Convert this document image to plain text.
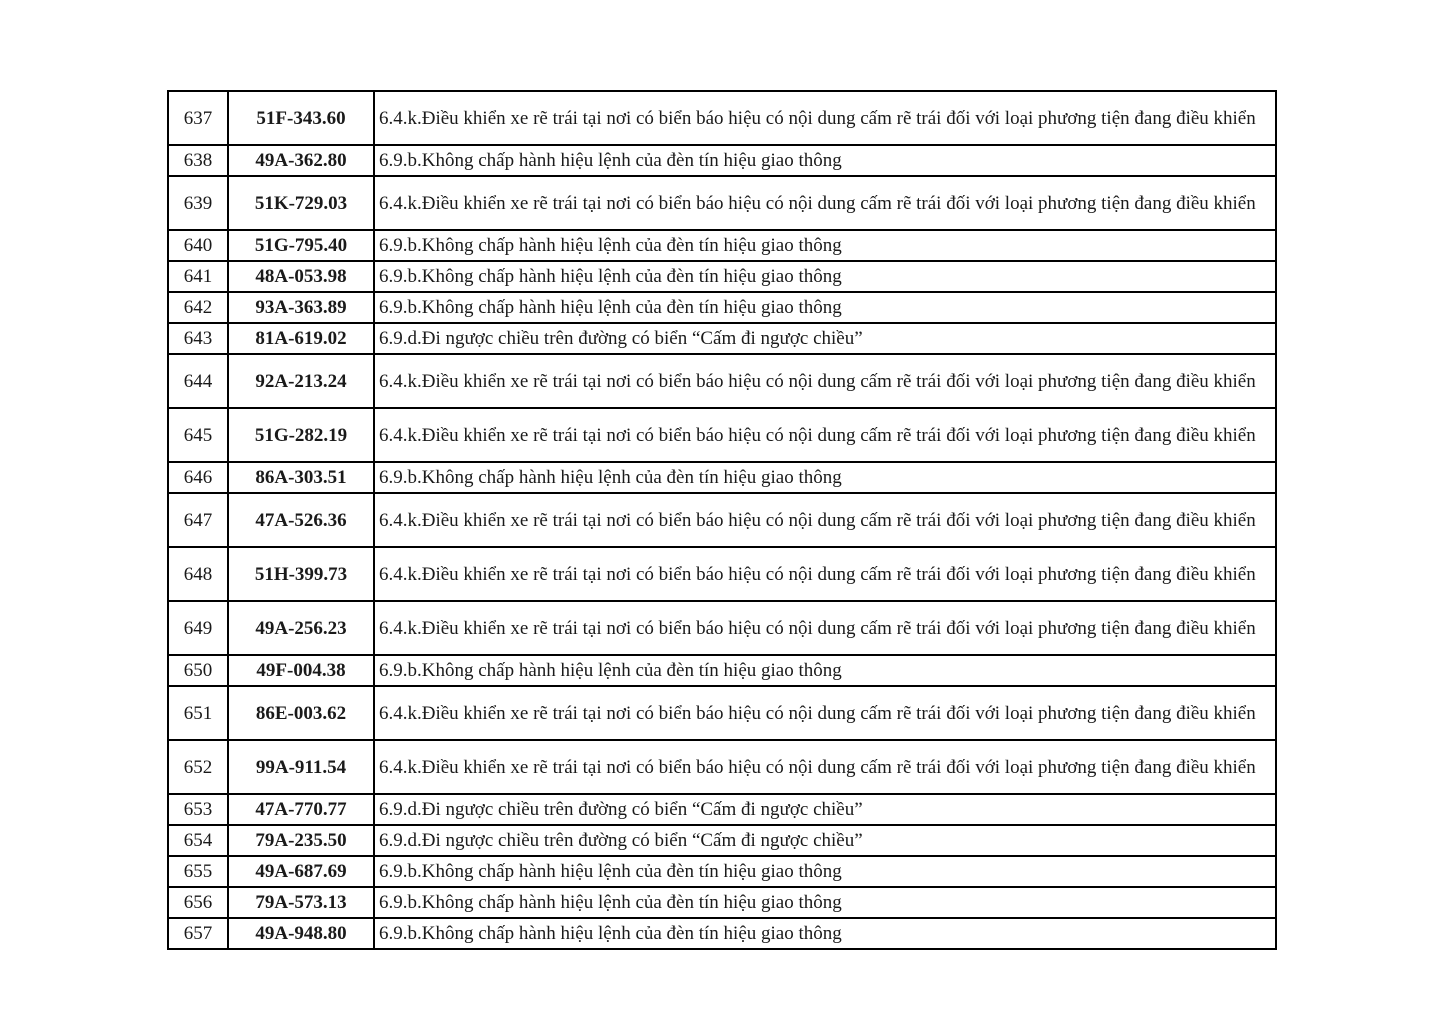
637	51F-343.60	6.4.k.Điều khiển xe rẽ trái tại nơi có biển báo hiệu có nội dung cấm rẽ trái đối với loại phương tiện đang điều khiển
638	49A-362.80	6.9.b.Không chấp hành hiệu lệnh của đèn tín hiệu giao thông
639	51K-729.03	6.4.k.Điều khiển xe rẽ trái tại nơi có biển báo hiệu có nội dung cấm rẽ trái đối với loại phương tiện đang điều khiển
640	51G-795.40	6.9.b.Không chấp hành hiệu lệnh của đèn tín hiệu giao thông
641	48A-053.98	6.9.b.Không chấp hành hiệu lệnh của đèn tín hiệu giao thông
642	93A-363.89	6.9.b.Không chấp hành hiệu lệnh của đèn tín hiệu giao thông
643	81A-619.02	6.9.d.Đi ngược chiều trên đường có biển “Cấm đi ngược chiều”
644	92A-213.24	6.4.k.Điều khiển xe rẽ trái tại nơi có biển báo hiệu có nội dung cấm rẽ trái đối với loại phương tiện đang điều khiển
645	51G-282.19	6.4.k.Điều khiển xe rẽ trái tại nơi có biển báo hiệu có nội dung cấm rẽ trái đối với loại phương tiện đang điều khiển
646	86A-303.51	6.9.b.Không chấp hành hiệu lệnh của đèn tín hiệu giao thông
647	47A-526.36	6.4.k.Điều khiển xe rẽ trái tại nơi có biển báo hiệu có nội dung cấm rẽ trái đối với loại phương tiện đang điều khiển
648	51H-399.73	6.4.k.Điều khiển xe rẽ trái tại nơi có biển báo hiệu có nội dung cấm rẽ trái đối với loại phương tiện đang điều khiển
649	49A-256.23	6.4.k.Điều khiển xe rẽ trái tại nơi có biển báo hiệu có nội dung cấm rẽ trái đối với loại phương tiện đang điều khiển
650	49F-004.38	6.9.b.Không chấp hành hiệu lệnh của đèn tín hiệu giao thông
651	86E-003.62	6.4.k.Điều khiển xe rẽ trái tại nơi có biển báo hiệu có nội dung cấm rẽ trái đối với loại phương tiện đang điều khiển
652	99A-911.54	6.4.k.Điều khiển xe rẽ trái tại nơi có biển báo hiệu có nội dung cấm rẽ trái đối với loại phương tiện đang điều khiển
653	47A-770.77	6.9.d.Đi ngược chiều trên đường có biển “Cấm đi ngược chiều”
654	79A-235.50	6.9.d.Đi ngược chiều trên đường có biển “Cấm đi ngược chiều”
655	49A-687.69	6.9.b.Không chấp hành hiệu lệnh của đèn tín hiệu giao thông
656	79A-573.13	6.9.b.Không chấp hành hiệu lệnh của đèn tín hiệu giao thông
657	49A-948.80	6.9.b.Không chấp hành hiệu lệnh của đèn tín hiệu giao thông
